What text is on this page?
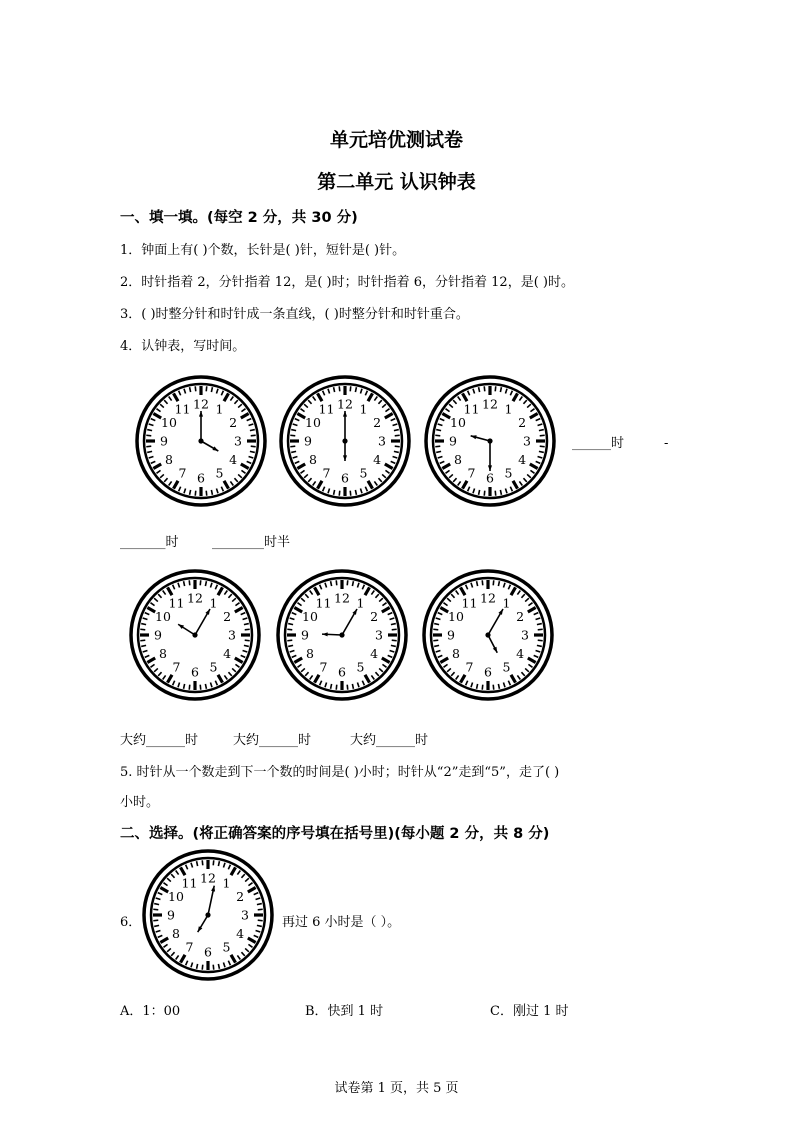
单元培优测试卷
第二单元 认识钟表
一、填一填。(每空 2 分，共 30 分)
1．钟面上有( )个数，长针是( )针，短针是( )针。
2．时针指着 2，分针指着 12，是( )时；时针指着 6，分针指着 12，是( )时。
3．( )时整分针和时针成一条直线，( )时整分针和时针重合。
4．认钟表，写时间。
12 1
2
3
4
5
6
7
8
9
10
11	12 1
2
3
4
5
6
7
8
9
10
11	12 1
2
3
4
5
6
7
8
9
10
11
______时	-
_______时	________时半
12 1
2
3
4
5
6
7
8
9
10
11	12 1
2
3
4
5
6
7
8
9
10
11	12 1
2
3
4
5
6
7
8
9
10
11
大约______时	大约______时	大约______时
5. 时针从一个数走到下一个数的时间是( )小时；时针从“2”走到“5”，走了( )
小时。
二、选择。(将正确答案的序号填在括号里)(每小题 2 分，共 8 分)
6．
12 1
2
3
4
5
6
7
8
9
10
11
再过 6 小时是（ ）。
A．1：00	B．快到 1 时	C．刚过 1 时
试卷第 1 页，共 5 页
